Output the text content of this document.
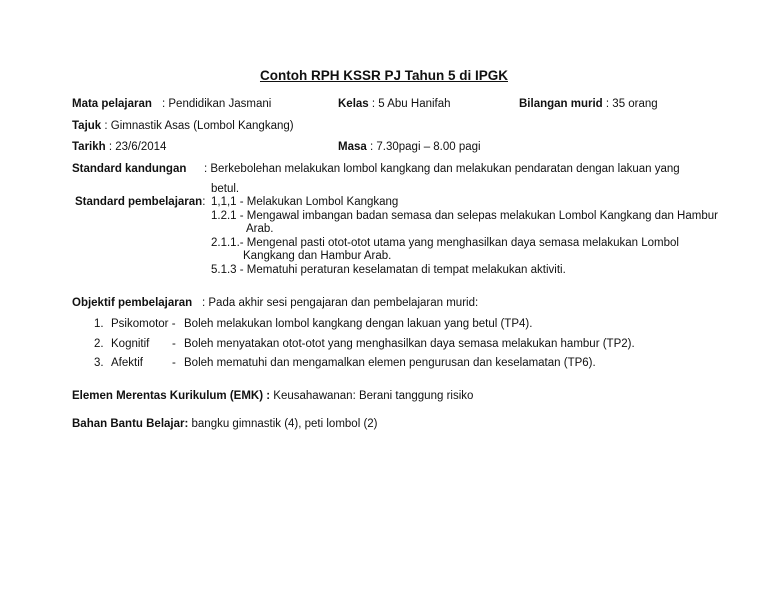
Contoh RPH KSSR PJ Tahun 5 di IPGK
Mata pelajaran : Pendidikan Jasmani	Kelas : 5 Abu Hanifah	Bilangan murid : 35 orang
Tajuk : Gimnastik Asas (Lombol Kangkang)
Tarikh : 23/6/2014	Masa : 7.30pagi – 8.00 pagi
Standard kandungan : Berkebolehan melakukan lombol kangkang dan melakukan pendaratan dengan lakuan yang
betul.
Standard pembelajaran: 1,1,1 - Melakukan Lombol Kangkang
1.2.1 - Mengawal imbangan badan semasa dan selepas melakukan Lombol Kangkang dan Hambur
Arab.
2.1.1.- Mengenal pasti otot-otot utama yang menghasilkan daya semasa melakukan Lombol
Kangkang dan Hambur Arab.
5.1.3 - Mematuhi peraturan keselamatan di tempat melakukan aktiviti.
Objektif pembelajaran : Pada akhir sesi pengajaran dan pembelajaran murid:
1. Psikomotor - Boleh melakukan lombol kangkang dengan lakuan yang betul (TP4).
2. Kognitif - Boleh menyatakan otot-otot yang menghasilkan daya semasa melakukan hambur (TP2).
3. Afektif	- Boleh mematuhi dan mengamalkan elemen pengurusan dan keselamatan (TP6).
Elemen Merentas Kurikulum (EMK) : Keusahawanan: Berani tanggung risiko
Bahan Bantu Belajar: bangku gimnastik (4), peti lombol (2)
